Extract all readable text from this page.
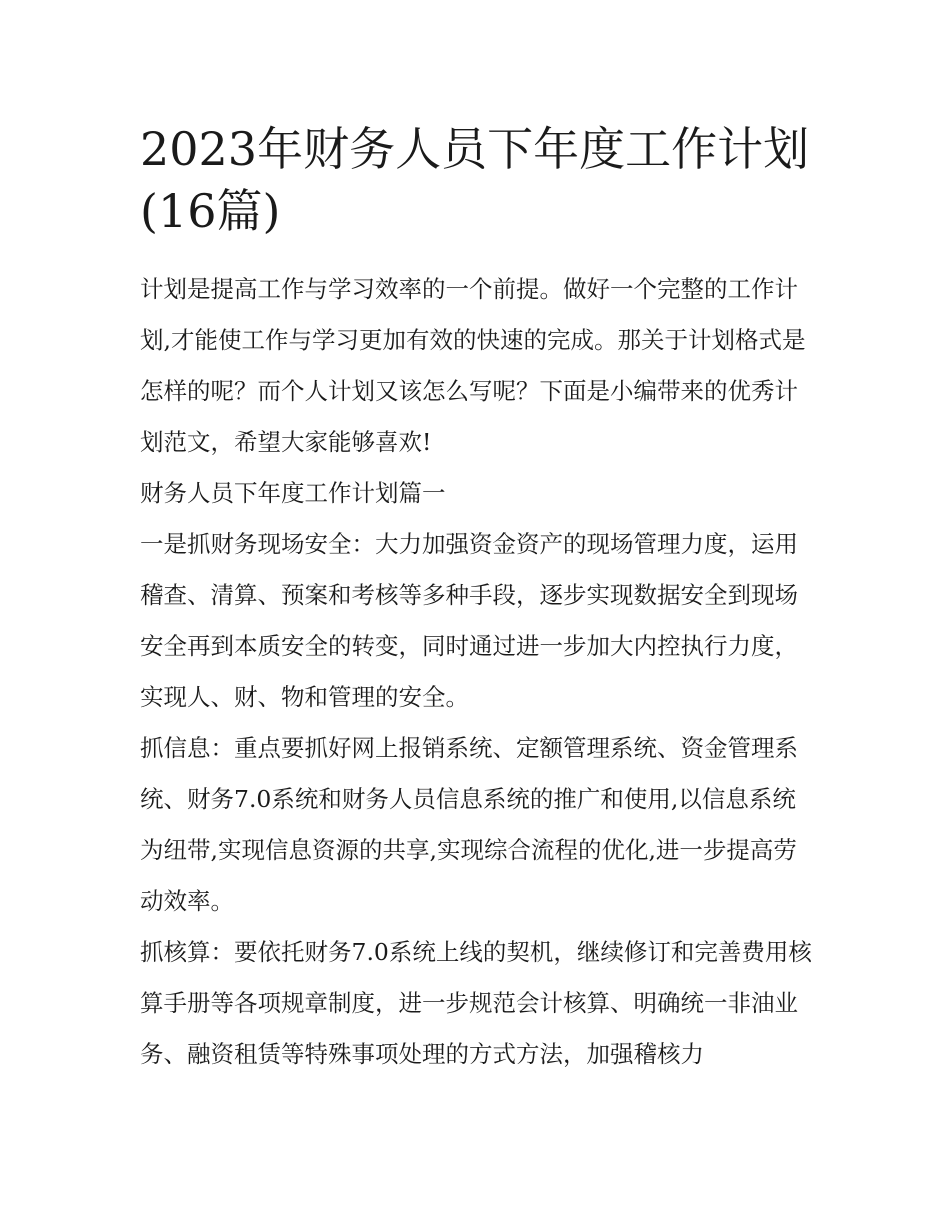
2023年财务人员下年度工作计划(16篇)

计划是提高工作与学习效率的一个前提。做好一个完整的工作计划,才能使工作与学习更加有效的快速的完成。那关于计划格式是怎样的呢？而个人计划又该怎么写呢？下面是小编带来的优秀计划范文，希望大家能够喜欢!

财务人员下年度工作计划篇一

一是抓财务现场安全：大力加强资金资产的现场管理力度，运用稽查、清算、预案和考核等多种手段，逐步实现数据安全到现场安全再到本质安全的转变，同时通过进一步加大内控执行力度，实现人、财、物和管理的安全。

抓信息：重点要抓好网上报销系统、定额管理系统、资金管理系统、财务7.0系统和财务人员信息系统的推广和使用,以信息系统为纽带,实现信息资源的共享,实现综合流程的优化,进一步提高劳动效率。

抓核算：要依托财务7.0系统上线的契机，继续修订和完善费用核算手册等各项规章制度，进一步规范会计核算、明确统一非油业务、融资租赁等特殊事项处理的方式方法，加强稽核力
